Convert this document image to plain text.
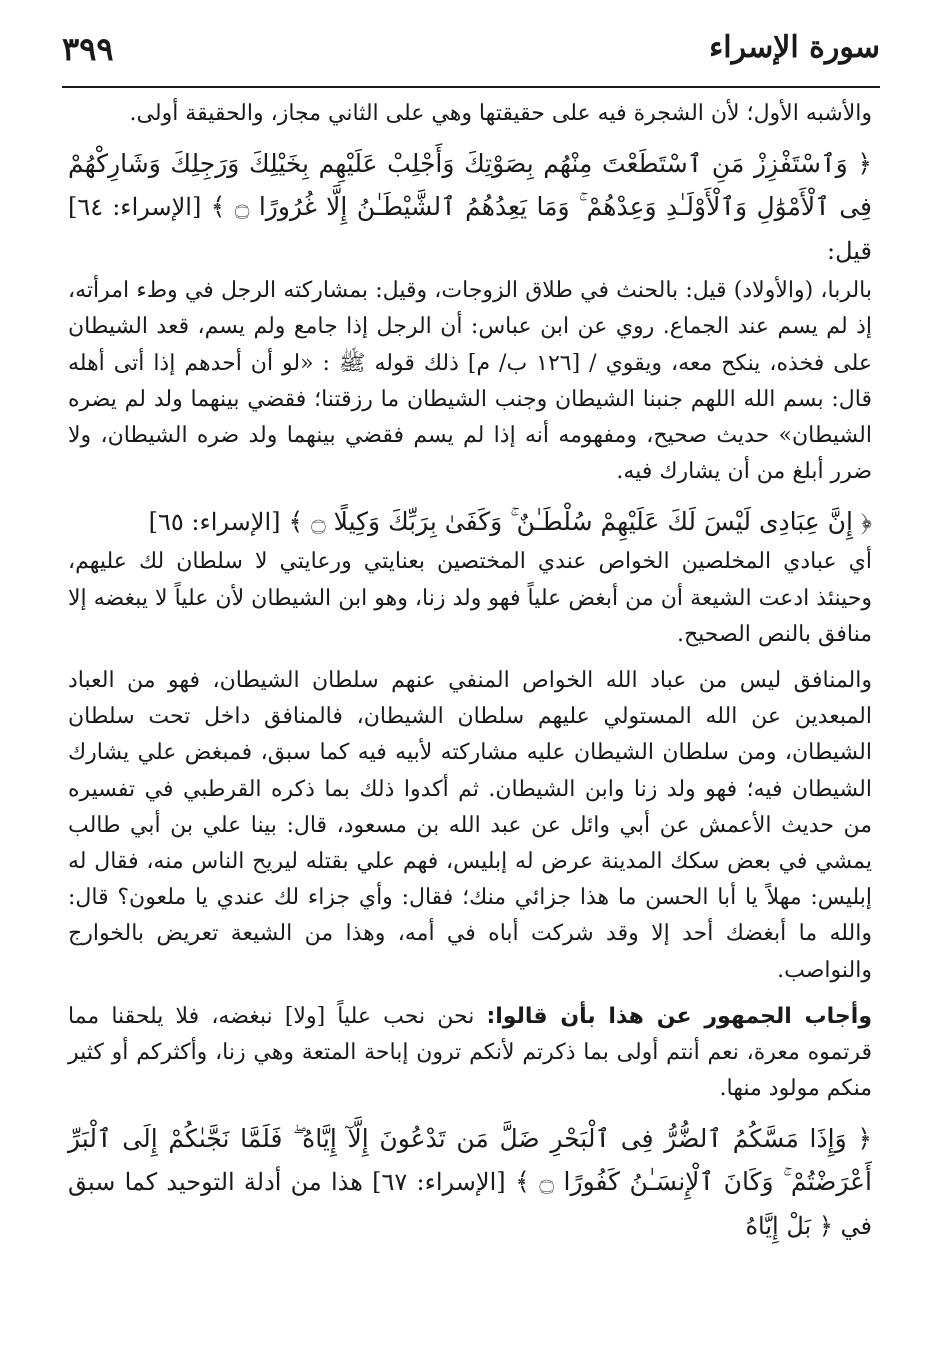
٣٩٩	سورة الإسراء

والأشبه الأول؛ لأن الشجرة فيه على حقيقتها وهي على الثاني مجاز، والحقيقة أولى.

﴿ وَٱسْتَفْزِزْ مَنِ ٱسْتَطَعْتَ مِنْهُم بِصَوْتِكَ وَأَجْلِبْ عَلَيْهِم بِخَيْلِكَ وَرَجِلِكَ وَشَارِكْهُمْ فِى ٱلْأَمْوَٰلِ وَٱلْأَوْلَـٰدِ وَعِدْهُمْ ۚ وَمَا يَعِدُهُمُ ٱلشَّيْطَـٰنُ إِلَّا غُرُورًا ۝ ﴾ [الإسراء: ٦٤] قيل:

بالربا، (والأولاد) قيل: بالحنث في طلاق الزوجات، وقيل: بمشاركته الرجل في وطء امرأته، إذ لم يسم عند الجماع. روي عن ابن عباس: أن الرجل إذا جامع ولم يسم، قعد الشيطان على فخذه، ينكح معه، ويقوي / [١٢٦ ب/ م] ذلك قوله ﷺ : «لو أن أحدهم إذا أتى أهله قال: بسم الله اللهم جنبنا الشيطان وجنب الشيطان ما رزقتنا؛ فقضي بينهما ولد لم يضره الشيطان» حديث صحيح، ومفهومه أنه إذا لم يسم فقضي بينهما ولد ضره الشيطان، ولا ضرر أبلغ من أن يشارك فيه.

﴿ إِنَّ عِبَادِى لَيْسَ لَكَ عَلَيْهِمْ سُلْطَـٰنٌ ۚ وَكَفَىٰ بِرَبِّكَ وَكِيلًا ۝ ﴾ [الإسراء: ٦٥]

أي عبادي المخلصين الخواص عندي المختصين بعنايتي ورعايتي لا سلطان لك عليهم، وحينئذ ادعت الشيعة أن من أبغض علياً فهو ولد زنا، وهو ابن الشيطان لأن علياً لا يبغضه إلا منافق بالنص الصحيح.

والمنافق ليس من عباد الله الخواص المنفي عنهم سلطان الشيطان، فهو من العباد المبعدين عن الله المستولي عليهم سلطان الشيطان، فالمنافق داخل تحت سلطان الشيطان، ومن سلطان الشيطان عليه مشاركته لأبيه فيه كما سبق، فمبغض علي يشارك الشيطان فيه؛ فهو ولد زنا وابن الشيطان. ثم أكدوا ذلك بما ذكره القرطبي في تفسيره من حديث الأعمش عن أبي وائل عن عبد الله بن مسعود، قال: بينا علي بن أبي طالب يمشي في بعض سكك المدينة عرض له إبليس، فهم علي بقتله ليريح الناس منه، فقال له إبليس: مهلاً يا أبا الحسن ما هذا جزائي منك؛ فقال: وأي جزاء لك عندي يا ملعون؟ قال: والله ما أبغضك أحد إلا وقد شركت أباه في أمه، وهذا من الشيعة تعريض بالخوارج والنواصب.

وأجاب الجمهور عن هذا بأن قالوا: نحن نحب علياً [ولا] نبغضه، فلا يلحقنا مما قرتموه معرة، نعم أنتم أولى بما ذكرتم لأنكم ترون إباحة المتعة وهي زنا، وأكثركم أو كثير منكم مولود منها.

﴿ وَإِذَا مَسَّكُمُ ٱلضُّرُّ فِى ٱلْبَحْرِ ضَلَّ مَن تَدْعُونَ إِلَّآ إِيَّاهُ ۖ فَلَمَّا نَجَّىٰكُمْ إِلَى ٱلْبَرِّ أَعْرَضْتُمْ ۚ وَكَانَ ٱلْإِنسَـٰنُ كَفُورًا ۝ ﴾ [الإسراء: ٦٧] هذا من أدلة التوحيد كما سبق في ﴿ بَلْ إِيَّاهُ
